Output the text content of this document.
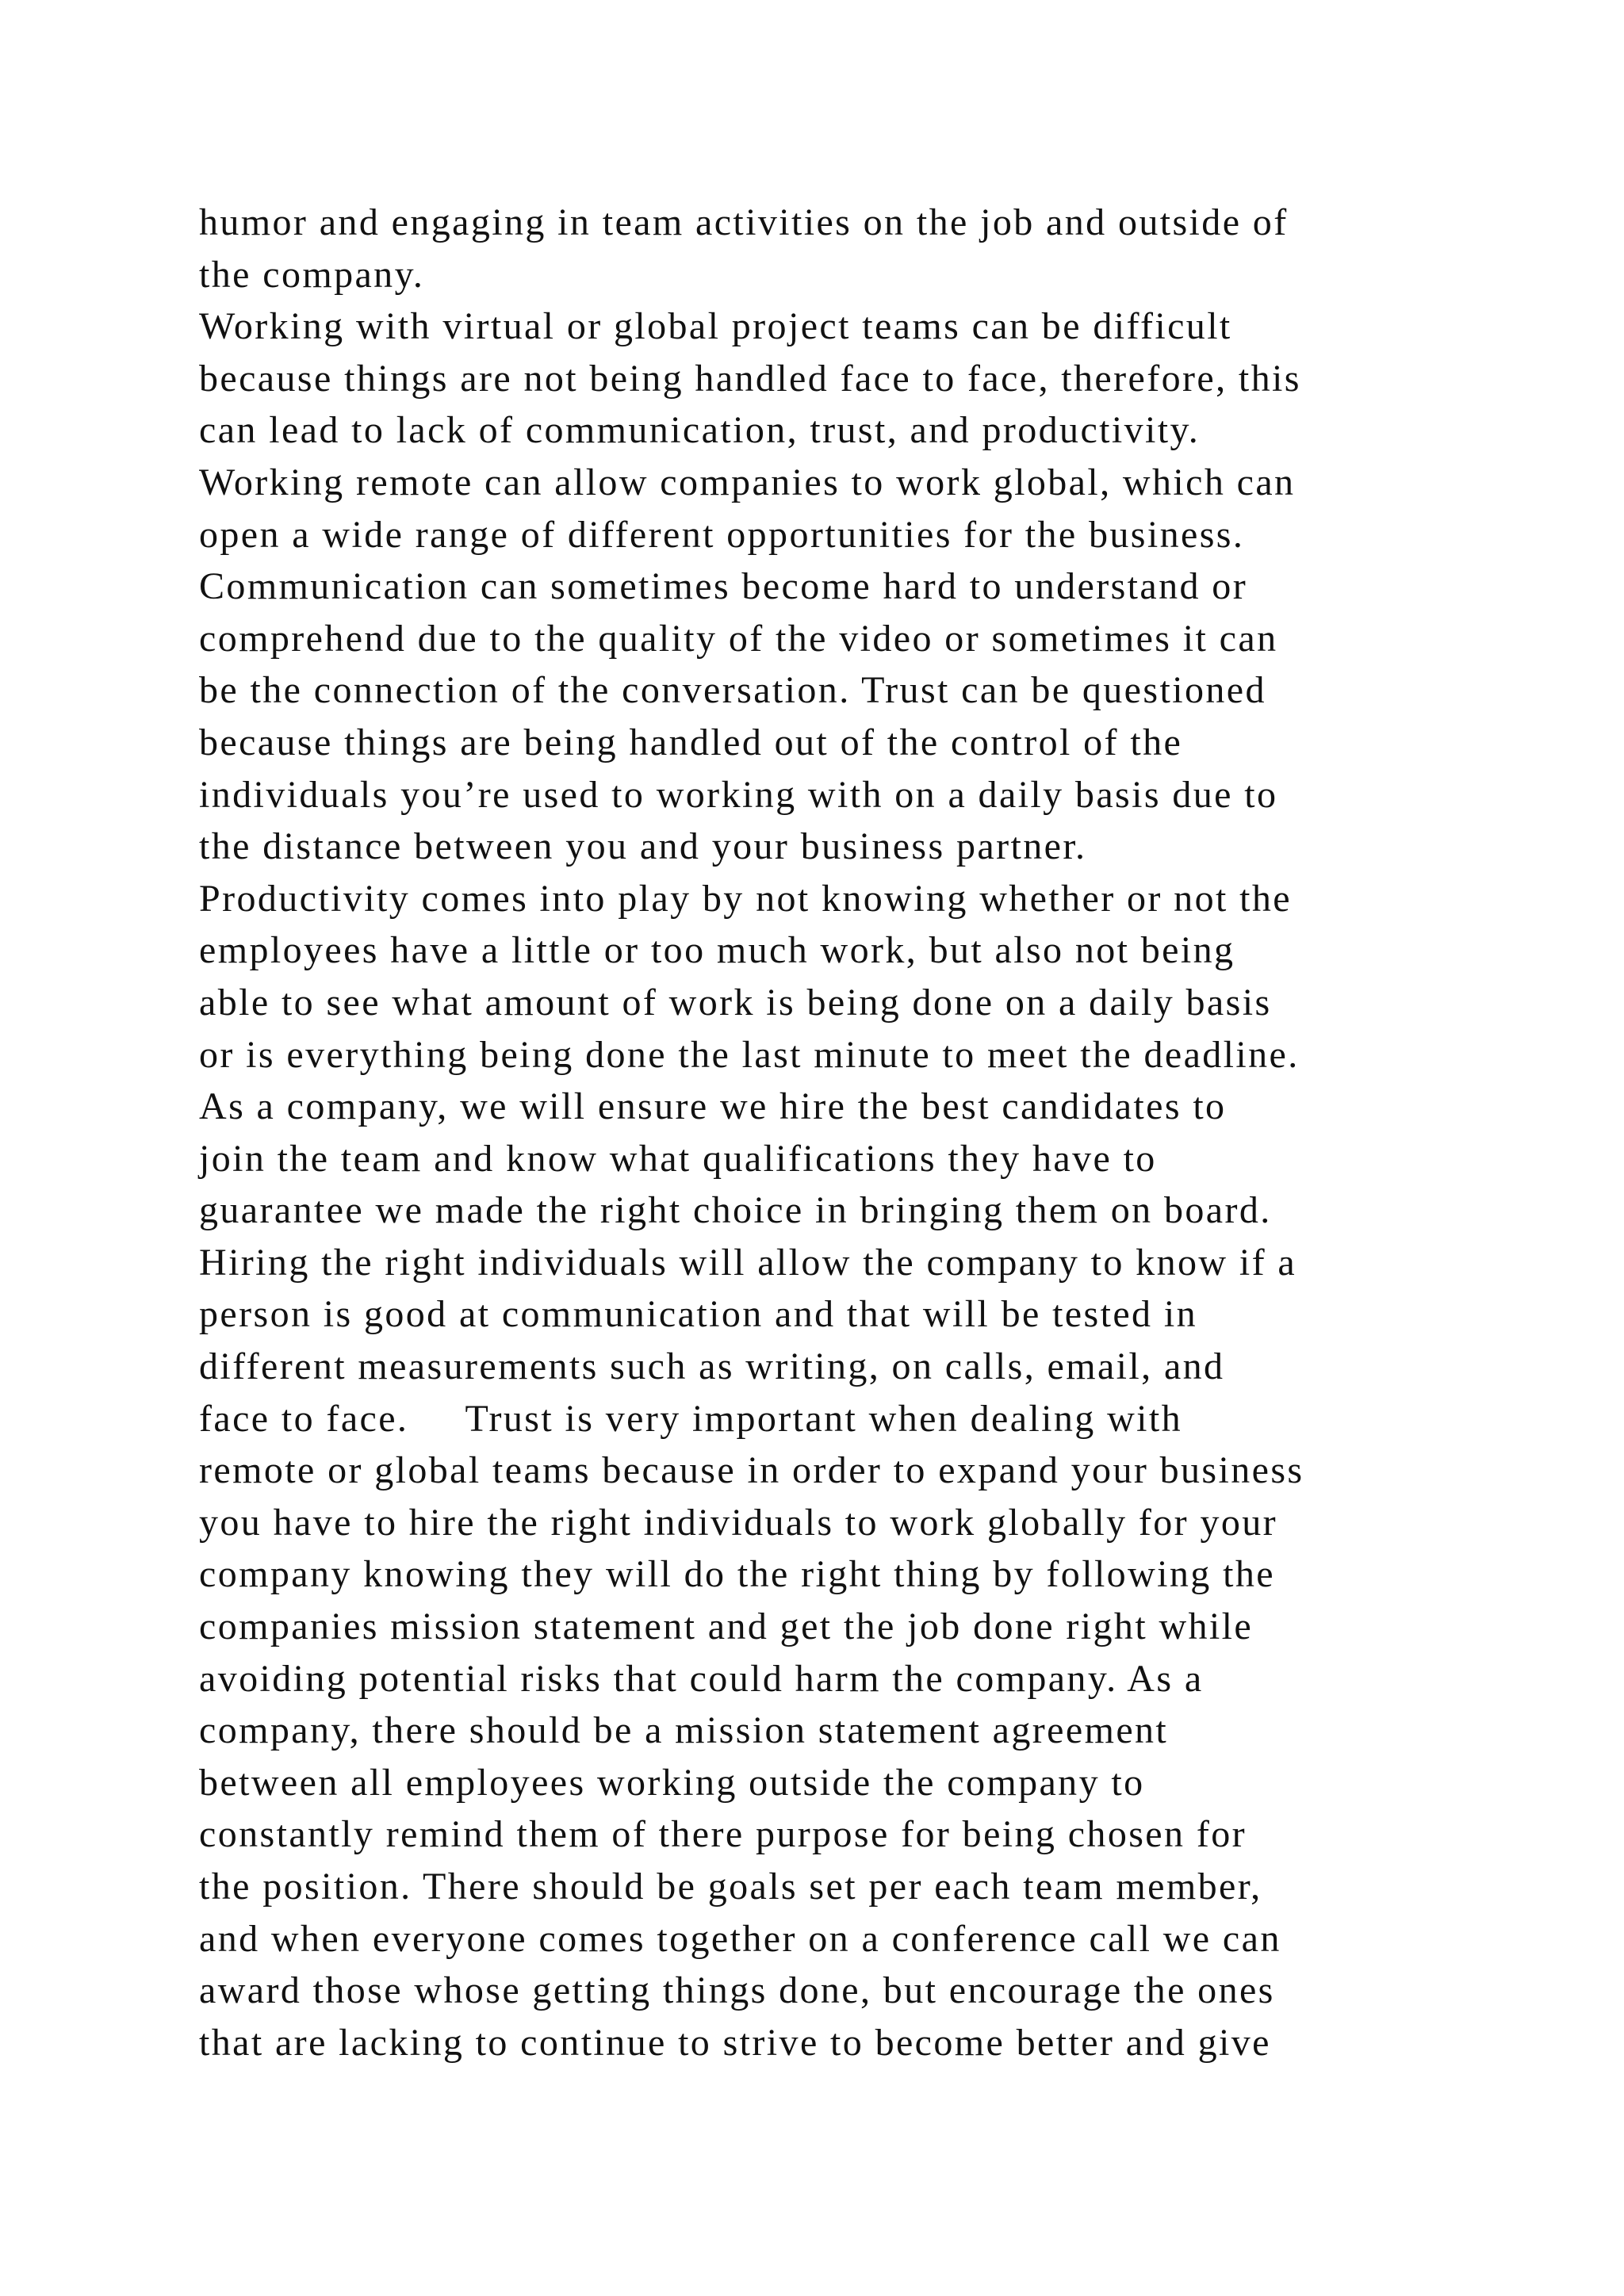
humor and engaging in team activities on the job and outside of
the company.
Working with virtual or global project teams can be difficult
because things are not being handled face to face, therefore, this
can lead to lack of communication, trust, and productivity.
Working remote can allow companies to work global, which can
open a wide range of different opportunities for the business.
Communication can sometimes become hard to understand or
comprehend due to the quality of the video or sometimes it can
be the connection of the conversation. Trust can be questioned
because things are being handled out of the control of the
individuals you’re used to working with on a daily basis due to
the distance between you and your business partner.
Productivity comes into play by not knowing whether or not the
employees have a little or too much work, but also not being
able to see what amount of work is being done on a daily basis
or is everything being done the last minute to meet the deadline.
As a company, we will ensure we hire the best candidates to
join the team and know what qualifications they have to
guarantee we made the right choice in bringing them on board.
Hiring the right individuals will allow the company to know if a
person is good at communication and that will be tested in
different measurements such as writing, on calls, email, and
face to face.     Trust is very important when dealing with
remote or global teams because in order to expand your business
you have to hire the right individuals to work globally for your
company knowing they will do the right thing by following the
companies mission statement and get the job done right while
avoiding potential risks that could harm the company. As a
company, there should be a mission statement agreement
between all employees working outside the company to
constantly remind them of there purpose for being chosen for
the position. There should be goals set per each team member,
and when everyone comes together on a conference call we can
award those whose getting things done, but encourage the ones
that are lacking to continue to strive to become better and give
